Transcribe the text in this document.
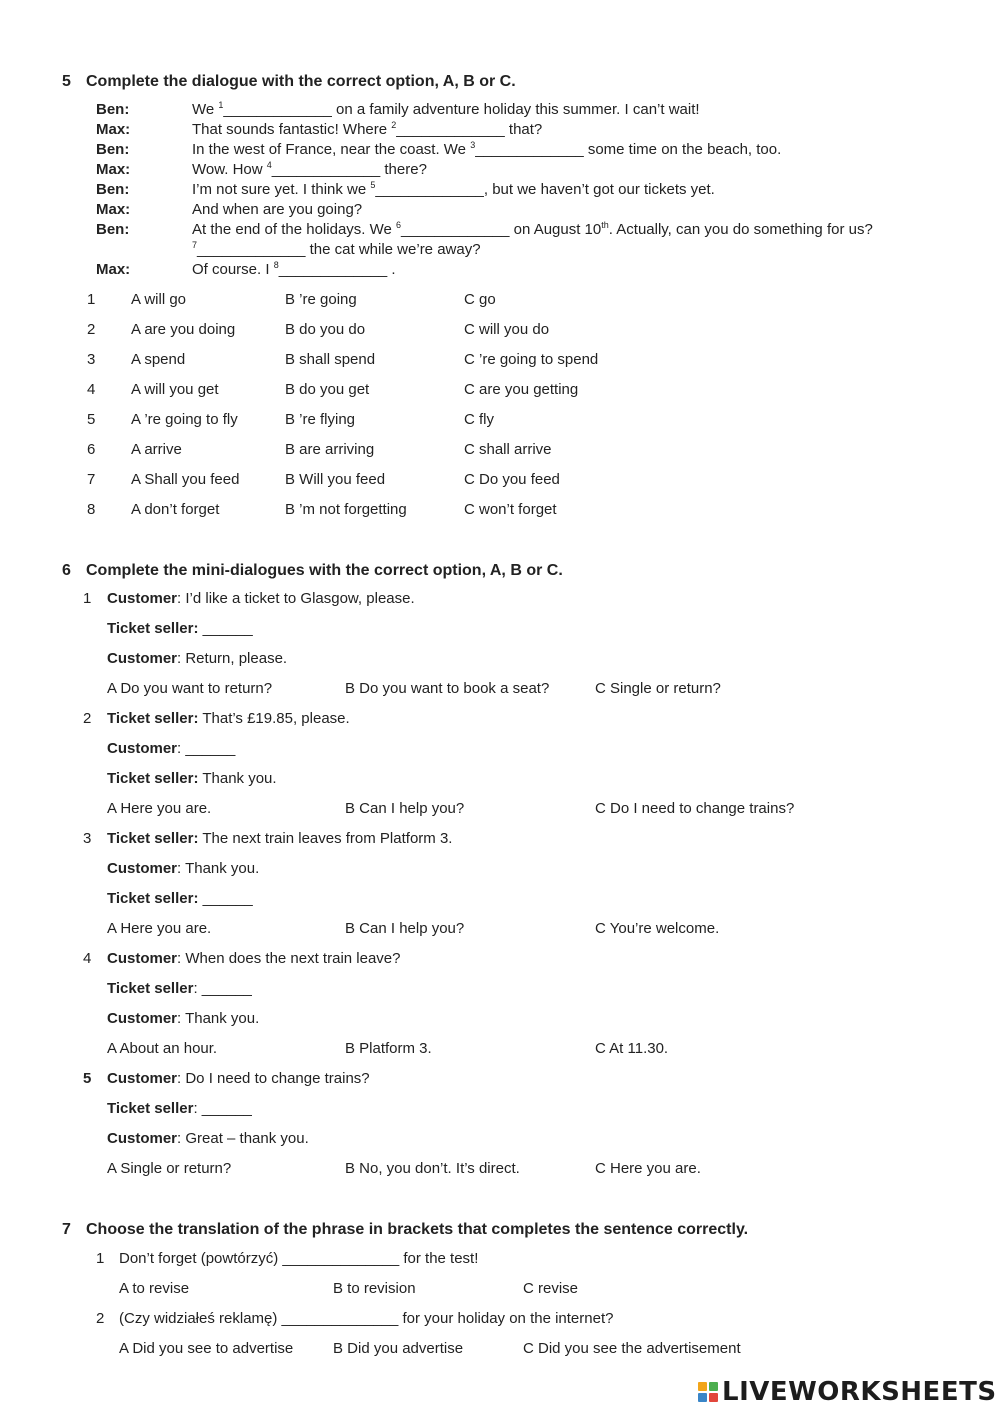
5 Complete the dialogue with the correct option, A, B or C.
Ben:	We $^1$_____________ on a family adventure holiday this summer. I can’t wait!
Max:	That sounds fantastic! Where $^2$_____________ that?
Ben:	In the west of France, near the coast. We $^3$_____________ some time on the beach, too.
Max:	Wow. How $^4$_____________ there?
Ben:	I’m not sure yet. I think we $^5$_____________, but we haven’t got our tickets yet.
Max:	And when are you going?
Ben:	At the end of the holidays. We $^6$_____________ on August 10th. Actually, can you do something for us?
$^7$_____________ the cat while we’re away?
Max:	Of course. I $^8$_____________ .
1 A will go	B ’re going	C go
2 A are you doing	B do you do	C will you do
3 A spend	B shall spend	C ’re going to spend
4 A will you get	B do you get	C are you getting
5 A ’re going to fly	B ’re flying	C fly
6 A arrive	B are arriving	C shall arrive
7 A Shall you feed	B Will you feed	C Do you feed
8 A don’t forget	B ’m not forgetting	C won’t forget
6 Complete the mini-dialogues with the correct option, A, B or C.
1 Customer: I’d like a ticket to Glasgow, please.
Ticket seller: ______
Customer: Return, please.
A Do you want to return?	B Do you want to book a seat?	C Single or return?
2 Ticket seller: That’s £19.85, please.
Customer: ______
Ticket seller: Thank you.
A Here you are.	B Can I help you?	C Do I need to change trains?
3 Ticket seller: The next train leaves from Platform 3.
Customer: Thank you.
Ticket seller: ______
A Here you are.	B Can I help you?	C You’re welcome.
4 Customer: When does the next train leave?
Ticket seller: ______
Customer: Thank you.
A About an hour.	B Platform 3.	C At 11.30.
5 Customer: Do I need to change trains?
Ticket seller: ______
Customer: Great – thank you.
A Single or return?	B No, you don’t. It’s direct.	C Here you are.
7 Choose the translation of the phrase in brackets that completes the sentence correctly.
1 Don’t forget (powtórzyć) ______________ for the test!
A to revise	B to revision	C revise
2 (Czy widziałeś reklamę) ______________ for your holiday on the internet?
A Did you see to advertise	B Did you advertise	C Did you see the advertisement
LIVEWORKSHEETS
